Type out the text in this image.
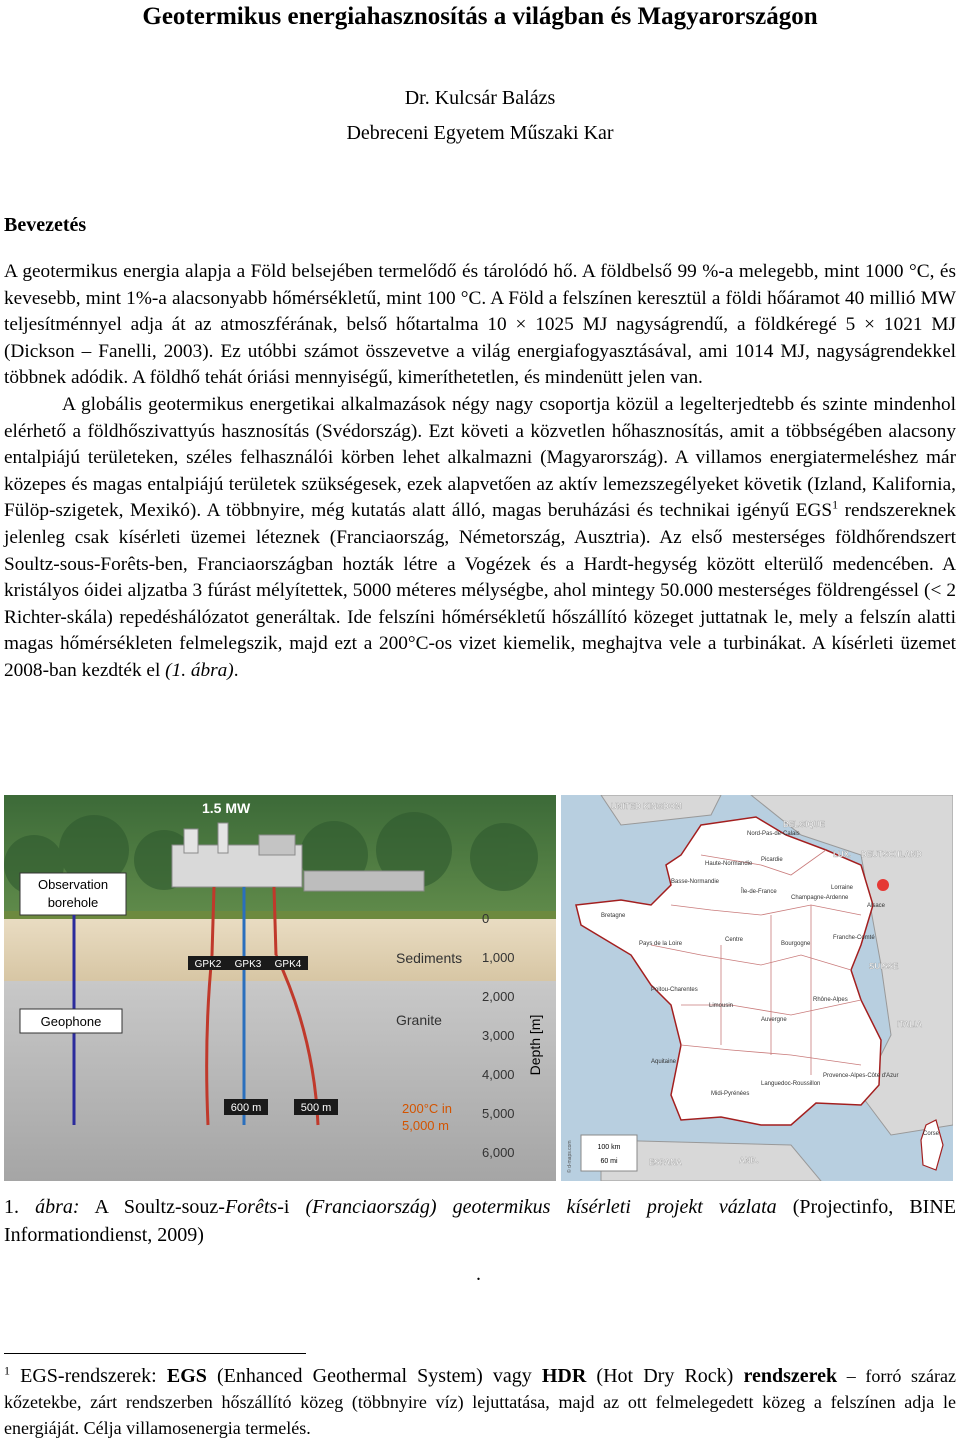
Geotermikus energiahasznosítás a világban és Magyarországon
Dr. Kulcsár Balázs
Debreceni Egyetem Műszaki Kar
Bevezetés

A geotermikus energia alapja a Föld belsejében termelődő és tárolódó hő. A földbelső 99 %-a melegebb, mint 1000 °C, és kevesebb, mint 1%-a alacsonyabb hőmérsékletű, mint 100 °C. A Föld a felszínen keresztül a földi hőáramot 40 millió MW teljesítménnyel adja át az atmoszférának, belső hőtartalma 10 × 1025 MJ nagyságrendű, a földkéregé 5 × 1021 MJ (Dickson – Fanelli, 2003). Ez utóbbi számot összevetve a világ energiafogyasztásával, ami 1014 MJ, nagyságrendekkel többnek adódik. A földhő tehát óriási mennyiségű, kimeríthetetlen, és mindenütt jelen van.

A globális geotermikus energetikai alkalmazások négy nagy csoportja közül a legelterjedtebb és szinte mindenhol elérhető a földhőszivattyús hasznosítás (Svédország). Ezt követi a közvetlen hőhasznosítás, amit a többségében alacsony entalpiájú területeken, széles felhasználói körben lehet alkalmazni (Magyarország). A villamos energiatermeléshez már közepes és magas entalpiájú területek szükségesek, ezek alapvetően az aktív lemezszegélyeket követik (Izland, Kalifornia, Fülöp-szigetek, Mexikó). A többnyire, még kutatás alatt álló, magas beruházási és technikai igényű EGS$^1$ rendszereknek jelenleg csak kísérleti üzemei léteznek (Franciaország, Németország, Ausztria). Az első mesterséges földhőrendszert Soultz-sous-Forêts-ben, Franciaországban hozták létre a Vogézek és a Hardt-hegység között elterülő medencében. A kristályos óidei aljzatba 3 fúrást mélyítettek, 5000 méteres mélységbe, ahol mintegy 50.000 mesterséges földrengéssel (< 2 Richter-skála) repedéshálózatot generáltak. Ide felszíni hőmérsékletű hőszállító közeget juttatnak le, mely a felszín alatti magas hőmérsékleten felmelegszik, majd ezt a 200°C-os vizet kiemelik, meghajtva vele a turbinákat. A kísérleti üzemet 2008-ban kezdték el (1. ábra).

1.5 MW
Observation
borehole
GPK2 GPK3 GPK4	Sediments
Granite
Geophone
600 m	500 m	200°C in
5,000 m
Depth [m]
0
1,000
2,000
3,000
4,000
5,000
6,000
UNITED KINGDOM
BELGIQUE
LUX. DEUTSCHLAND
SUISSE
ITALIA
ESPANA	AND.
Nord-Pas-de-Calais
Picardie
Haute-Normandie
Basse-Normandie
Bretagne
Pays de la Loire
Centre
Île-de-France
Champagne-Ardenne
Lorraine
Alsace
Bourgogne
Franche-Comté
Poitou-Charentes
Limousin
Auvergne
Rhône-Alpes
Aquitaine
Midi-Pyrénées
Languedoc-Roussillon
Provence-Alpes-Côte d'Azur
Corse
100 km
60 mi
© d-maps.com
1. ábra: A Soultz-souz-Forêts-i (Franciaország) geotermikus kísérleti projekt vázlata (Projectinfo, BINE Informationdienst, 2009)
.
$^1$ EGS-rendszerek: EGS (Enhanced Geothermal System) vagy HDR (Hot Dry Rock) rendszerek – forró száraz kőzetekbe, zárt rendszerben hőszállító közeg (többnyire víz) lejuttatása, majd az ott felmelegedett közeg a felszínen adja le energiáját. Célja villamosenergia termelés.
